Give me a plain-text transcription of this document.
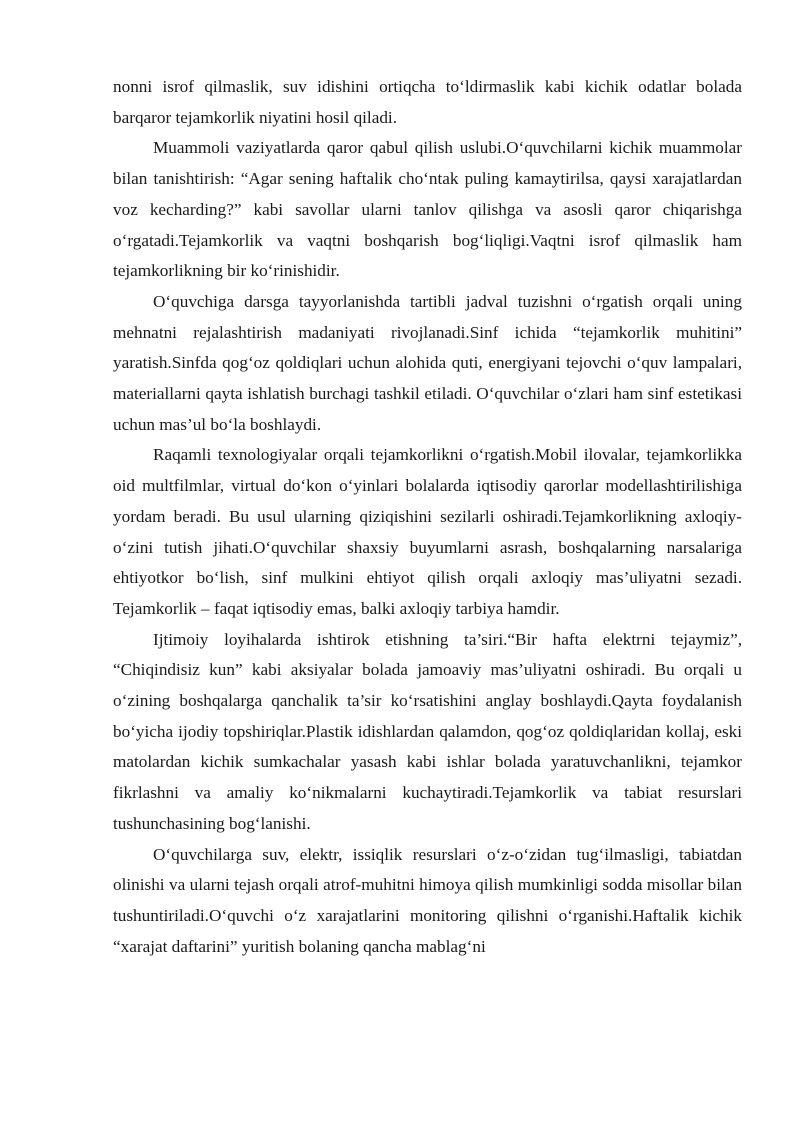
nonni isrof qilmaslik, suv idishini ortiqcha to‘ldirmaslik kabi kichik odatlar bolada barqaror tejamkorlik niyatini hosil qiladi.

Muammoli vaziyatlarda qaror qabul qilish uslubi.O‘quvchilarni kichik muammolar bilan tanishtirish: “Agar sening haftalik cho‘ntak puling kamaytirilsa, qaysi xarajatlardan voz kecharding?” kabi savollar ularni tanlov qilishga va asosli qaror chiqarishga o‘rgatadi.Tejamkorlik va vaqtni boshqarish bog‘liqligi.Vaqtni isrof qilmaslik ham tejamkorlikning bir ko‘rinishidir.

O‘quvchiga darsga tayyorlanishda tartibli jadval tuzishni o‘rgatish orqali uning mehnatni rejalashtirish madaniyati rivojlanadi.Sinf ichida “tejamkorlik muhitini” yaratish.Sinfda qog‘oz qoldiqlari uchun alohida quti, energiyani tejovchi o‘quv lampalari, materiallarni qayta ishlatish burchagi tashkil etiladi. O‘quvchilar o‘zlari ham sinf estetikasi uchun mas’ul bo‘la boshlaydi.

Raqamli texnologiyalar orqali tejamkorlikni o‘rgatish.Mobil ilovalar, tejamkorlikka oid multfilmlar, virtual do‘kon o‘yinlari bolalarda iqtisodiy qarorlar modellashtirilishiga yordam beradi. Bu usul ularning qiziqishini sezilarli oshiradi.Tejamkorlikning axloqiy-o‘zini tutish jihati.O‘quvchilar shaxsiy buyumlarni asrash, boshqalarning narsalariga ehtiyotkor bo‘lish, sinf mulkini ehtiyot qilish orqali axloqiy mas’uliyatni sezadi. Tejamkorlik – faqat iqtisodiy emas, balki axloqiy tarbiya hamdir.

Ijtimoiy loyihalarda ishtirok etishning ta’siri.“Bir hafta elektrni tejaymiz”, “Chiqindisiz kun” kabi aksiyalar bolada jamoaviy mas’uliyatni oshiradi. Bu orqali u o‘zining boshqalarga qanchalik ta’sir ko‘rsatishini anglay boshlaydi.Qayta foydalanish bo‘yicha ijodiy topshiriqlar.Plastik idishlardan qalamdon, qog‘oz qoldiqlaridan kollaj, eski matolardan kichik sumkachalar yasash kabi ishlar bolada yaratuvchanlikni, tejamkor fikrlashni va amaliy ko‘nikmalarni kuchaytiradi.Tejamkorlik va tabiat resurslari tushunchasining bog‘lanishi.

O‘quvchilarga suv, elektr, issiqlik resurslari o‘z-o‘zidan tug‘ilmasligi, tabiatdan olinishi va ularni tejash orqali atrof-muhitni himoya qilish mumkinligi sodda misollar bilan tushuntiriladi.O‘quvchi o‘z xarajatlarini monitoring qilishni o‘rganishi.Haftalik kichik “xarajat daftarini” yuritish bolaning qancha mablag‘ni
